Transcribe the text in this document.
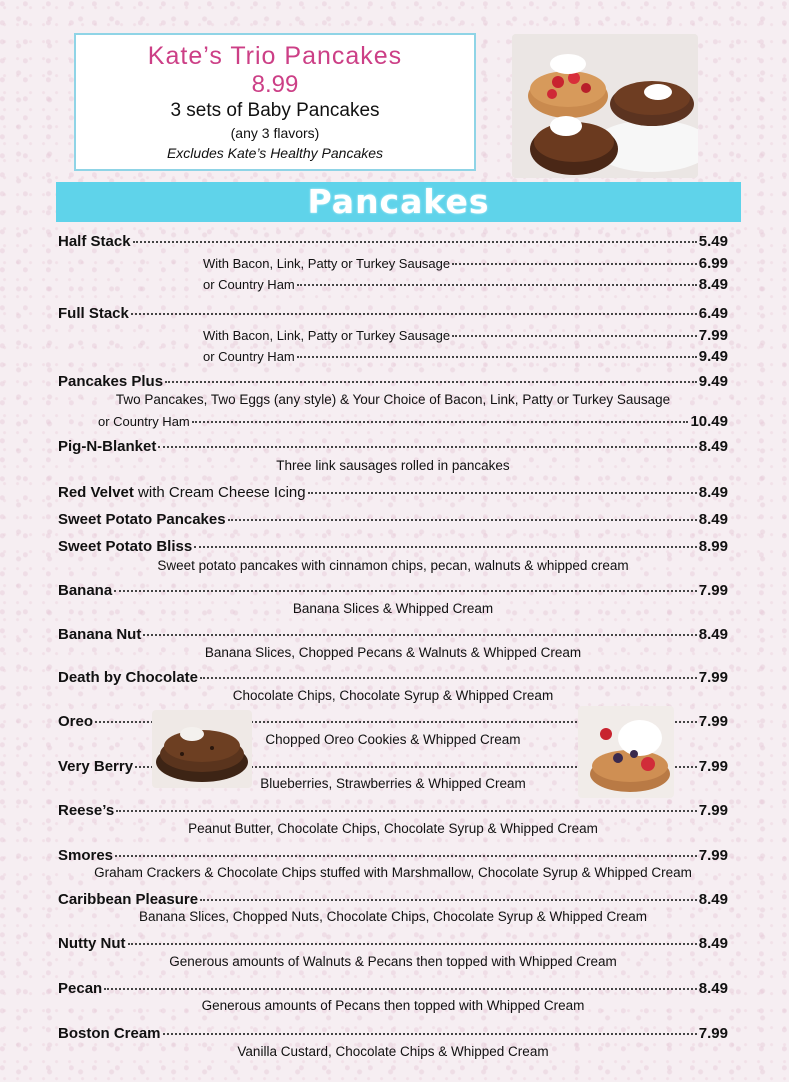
Kate’s Trio Pancakes
8.99
3 sets of Baby Pancakes
(any 3 flavors)
Excludes Kate’s Healthy Pancakes
Pancakes
Half Stack	5.49
With Bacon, Link, Patty or Turkey Sausage	6.99
or Country Ham	8.49
Full Stack	6.49
With Bacon, Link, Patty or Turkey Sausage	7.99
or Country Ham	9.49
Pancakes Plus	9.49
Two Pancakes, Two Eggs (any style) & Your Choice of Bacon, Link, Patty or Turkey Sausage
or Country Ham	10.49
Pig-N-Blanket	8.49
Three link sausages rolled in pancakes
Red Velvet with Cream Cheese Icing	8.49
Sweet Potato Pancakes	8.49
Sweet Potato Bliss	8.99
Sweet potato pancakes with cinnamon chips, pecan, walnuts & whipped cream
Banana	7.99
Banana Slices & Whipped Cream
Banana Nut	8.49
Banana Slices, Chopped Pecans & Walnuts & Whipped Cream
Death by Chocolate	7.99
Chocolate Chips, Chocolate Syrup & Whipped Cream
Oreo	7.99
Chopped Oreo Cookies & Whipped Cream
Very Berry	7.99
Blueberries, Strawberries & Whipped Cream
Reese’s	7.99
Peanut Butter, Chocolate Chips, Chocolate Syrup & Whipped Cream
Smores	7.99
Graham Crackers & Chocolate Chips stuffed with Marshmallow, Chocolate Syrup & Whipped Cream
Caribbean Pleasure	8.49
Banana Slices, Chopped Nuts, Chocolate Chips, Chocolate Syrup & Whipped Cream
Nutty Nut	8.49
Generous amounts of Walnuts & Pecans then topped with Whipped Cream
Pecan	8.49
Generous amounts of Pecans then topped with Whipped Cream
Boston Cream	7.99
Vanilla Custard, Chocolate Chips & Whipped Cream
